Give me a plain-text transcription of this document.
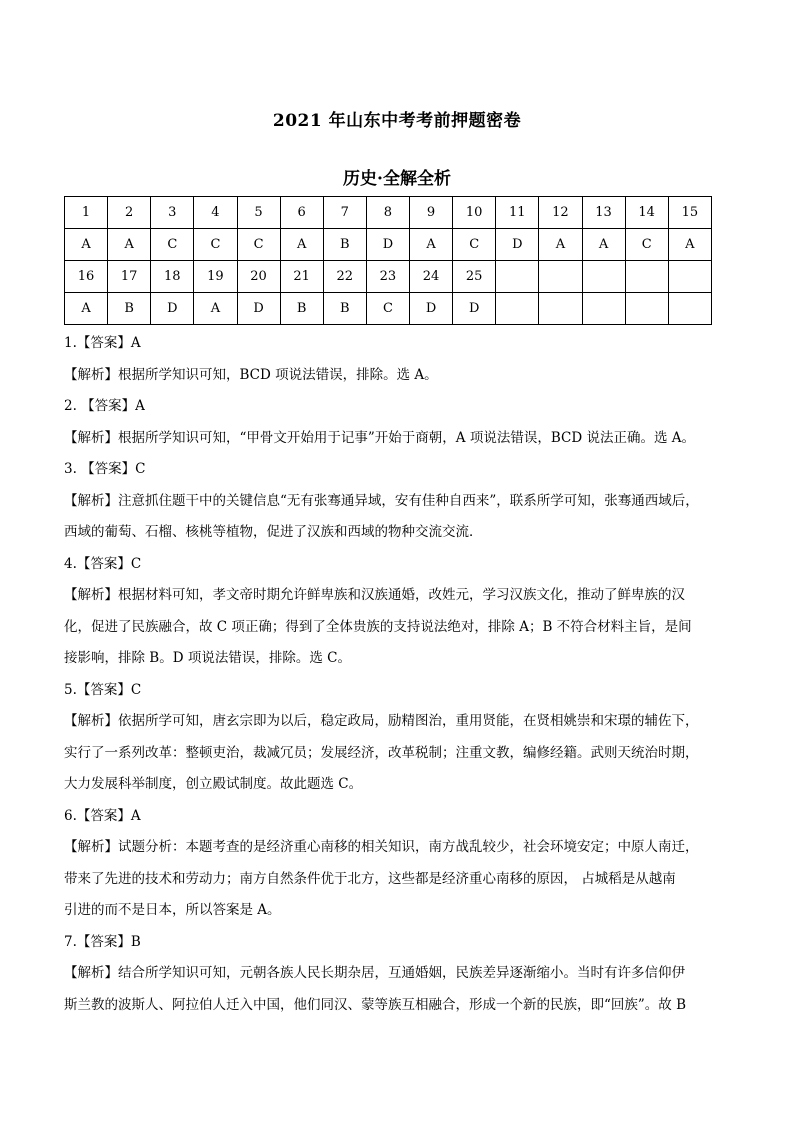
2021 年山东中考考前押题密卷
历史·全解全析
1	2	3	4	5	6	7	8	9	10	11	12	13	14	15
A	A	C	C	C	A	B	D	A	C	D	A	A	C	A
16	17	18	19	20	21	22	23	24	25					
A	B	D	A	D	B	B	C	D	D					

1.【答案】A

【解析】根据所学知识可知，BCD 项说法错误，排除。选 A。

2. 【答案】A

【解析】根据所学知识可知，“甲骨文开始用于记事”开始于商朝，A 项说法错误，BCD 说法正确。选 A。

3. 【答案】C

【解析】注意抓住题干中的关键信息“无有张骞通异域，安有佳种自西来”，联系所学可知，张骞通西域后，

西域的葡萄、石榴、核桃等植物，促进了汉族和西域的物种交流交流．

4.【答案】C

【解析】根据材料可知，孝文帝时期允许鲜卑族和汉族通婚，改姓元，学习汉族文化，推动了鲜卑族的汉

化，促进了民族融合，故 C 项正确；得到了全体贵族的支持说法绝对，排除 A；B 不符合材料主旨，是间

接影响，排除 B。D 项说法错误，排除。选 C。

5.【答案】C

【解析】依据所学可知，唐玄宗即为以后，稳定政局，励精图治，重用贤能，在贤相姚崇和宋璟的辅佐下，

实行了一系列改革：整顿吏治，裁减冗员；发展经济，改革税制；注重文教，编修经籍。武则天统治时期，

大力发展科举制度，创立殿试制度。故此题选 C。

6.【答案】A

【解析】试题分析：本题考查的是经济重心南移的相关知识，南方战乱较少，社会环境安定；中原人南迁，

带来了先进的技术和劳动力；南方自然条件优于北方，这些都是经济重心南移的原因， 占城稻是从越南

引进的而不是日本，所以答案是 A。

7.【答案】B

【解析】结合所学知识可知，元朝各族人民长期杂居，互通婚姻，民族差异逐渐缩小。当时有许多信仰伊

斯兰教的波斯人、阿拉伯人迁入中国，他们同汉、蒙等族互相融合，形成一个新的民族，即“回族”。故 B
